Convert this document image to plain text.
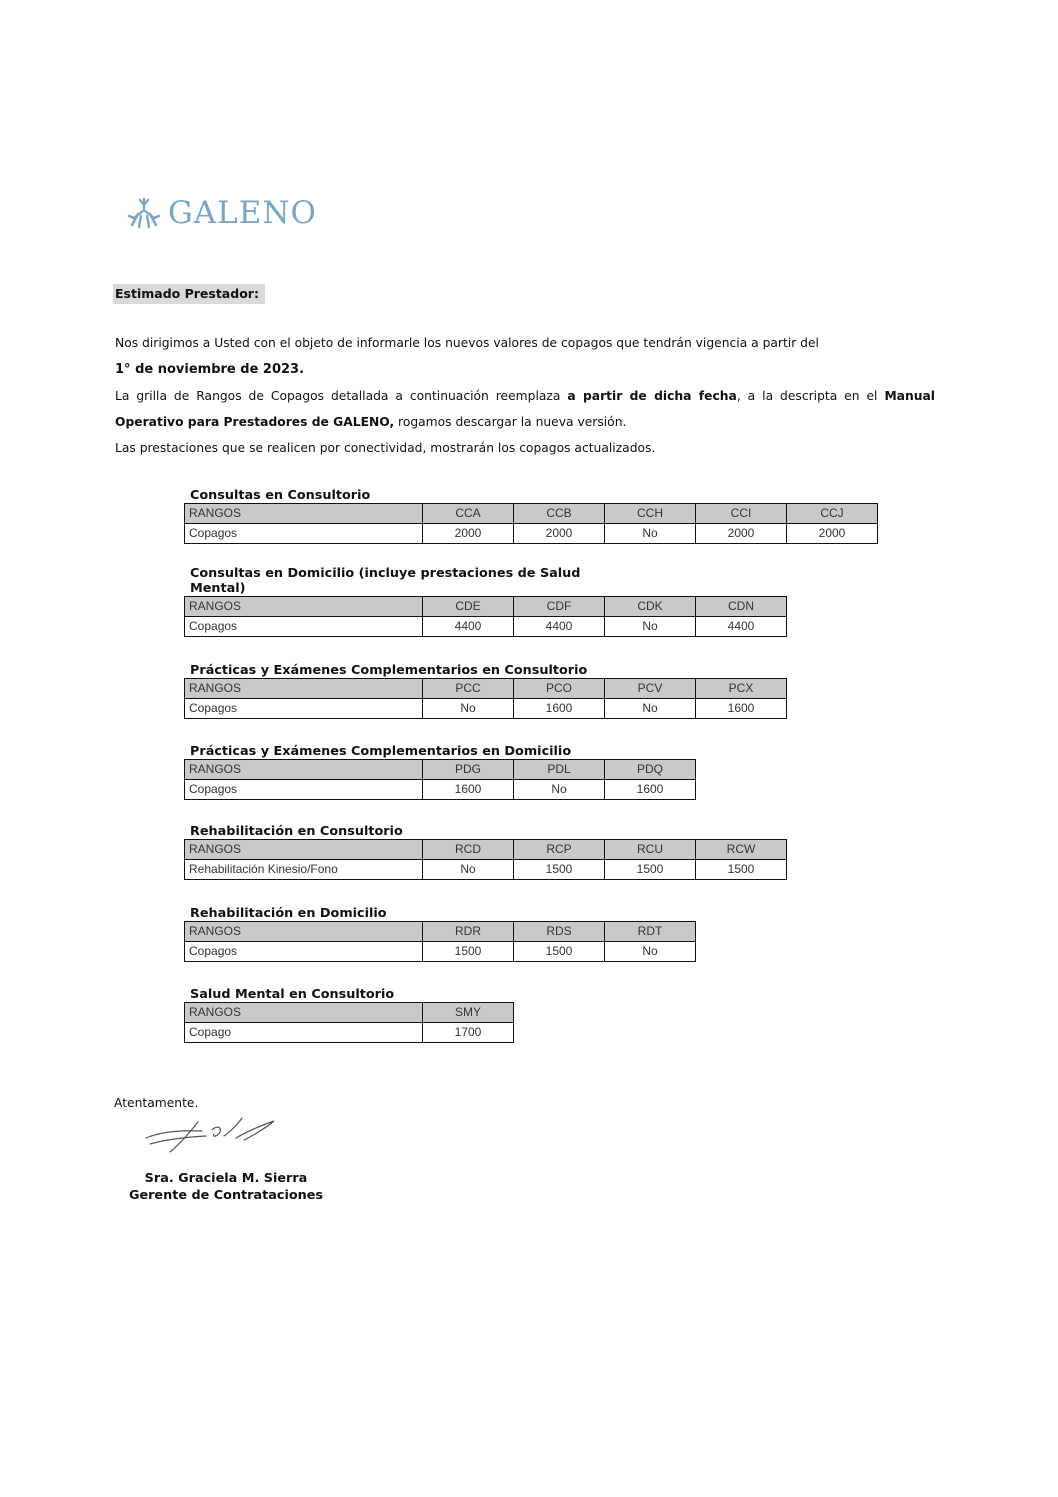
GALENO
Estimado Prestador:

Nos dirigimos a Usted con el objeto de informarle los nuevos valores de copagos que tendrán vigencia a partir del

1° de noviembre de 2023.

La grilla de Rangos de Copagos detallada a continuación reemplaza a partir de dicha fecha, a la descripta en el Manual

Operativo para Prestadores de GALENO, rogamos descargar la nueva versión.

Las prestaciones que se realicen por conectividad, mostrarán los copagos actualizados.

Consultas en Consultorio
RANGOS	CCA	CCB	CCH	CCI	CCJ
Copagos	2000	2000	No	2000	2000
Consultas en Domicilio (incluye prestaciones de Salud Mental)
RANGOS	CDE	CDF	CDK	CDN
Copagos	4400	4400	No	4400
Prácticas y Exámenes Complementarios en Consultorio
RANGOS	PCC	PCO	PCV	PCX
Copagos	No	1600	No	1600
Prácticas y Exámenes Complementarios en Domicilio
RANGOS	PDG	PDL	PDQ
Copagos	1600	No	1600
Rehabilitación en Consultorio
RANGOS	RCD	RCP	RCU	RCW
Rehabilitación Kinesio/Fono	No	1500	1500	1500
Rehabilitación en Domicilio
RANGOS	RDR	RDS	RDT
Copagos	1500	1500	No
Salud Mental en Consultorio
RANGOS	SMY
Copago	1700
Atentamente.
Sra. Graciela M. Sierra
Gerente de Contrataciones
